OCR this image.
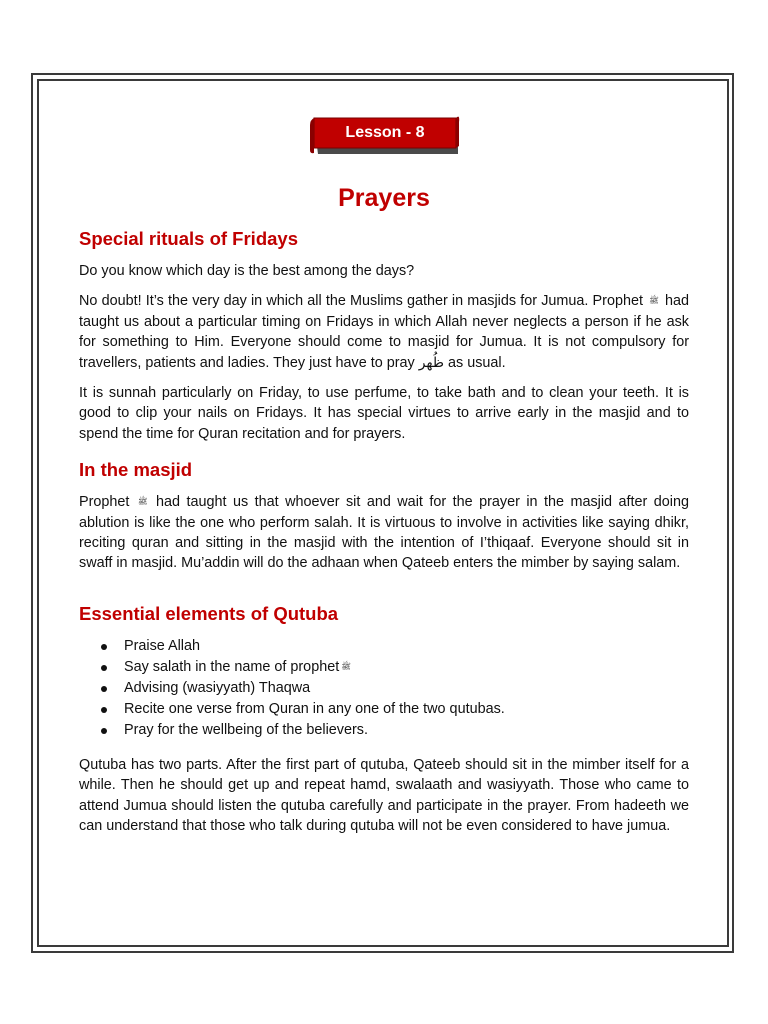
Lesson - 8
Prayers
Special rituals of Fridays

Do you know which day is the best among the days?

No doubt! It’s the very day in which all the Muslims gather in masjids for Jumua. Prophet ﷺ had taught us about a particular timing on Fridays in which Allah never neglects a person if he ask for something to Him. Everyone should come to masjid for Jumua. It is not compulsory for travellers, patients and ladies. They just have to pray ظُهر as usual.

It is sunnah particularly on Friday, to use perfume, to take bath and to clean your teeth. It is good to clip your nails on Fridays. It has special virtues to arrive early in the masjid and to spend the time for Quran recitation and for prayers.

In the masjid

Prophet ﷺ had taught us that whoever sit and wait for the prayer in the masjid after doing ablution is like the one who perform salah. It is virtuous to involve in activities like saying dhikr, reciting quran and sitting in the masjid with the intention of I’thiqaaf. Everyone should sit in swaff in masjid. Mu’addin will do the adhaan when Qateeb enters the mimber by saying salam.

Essential elements of Qutuba
Praise Allah
Say salath in the name of prophet ﷺ
Advising (wasiyyath) Thaqwa
Recite one verse from Quran in any one of the two qutubas.
Pray for the wellbeing of the believers.

Qutuba has two parts. After the first part of qutuba, Qateeb should sit in the mimber itself for a while. Then he should get up and repeat hamd, swalaath and wasiyyath. Those who came to attend Jumua should listen the qutuba carefully and participate in the prayer. From hadeeth we can understand that those who talk during qutuba will not be even considered to have jumua.
